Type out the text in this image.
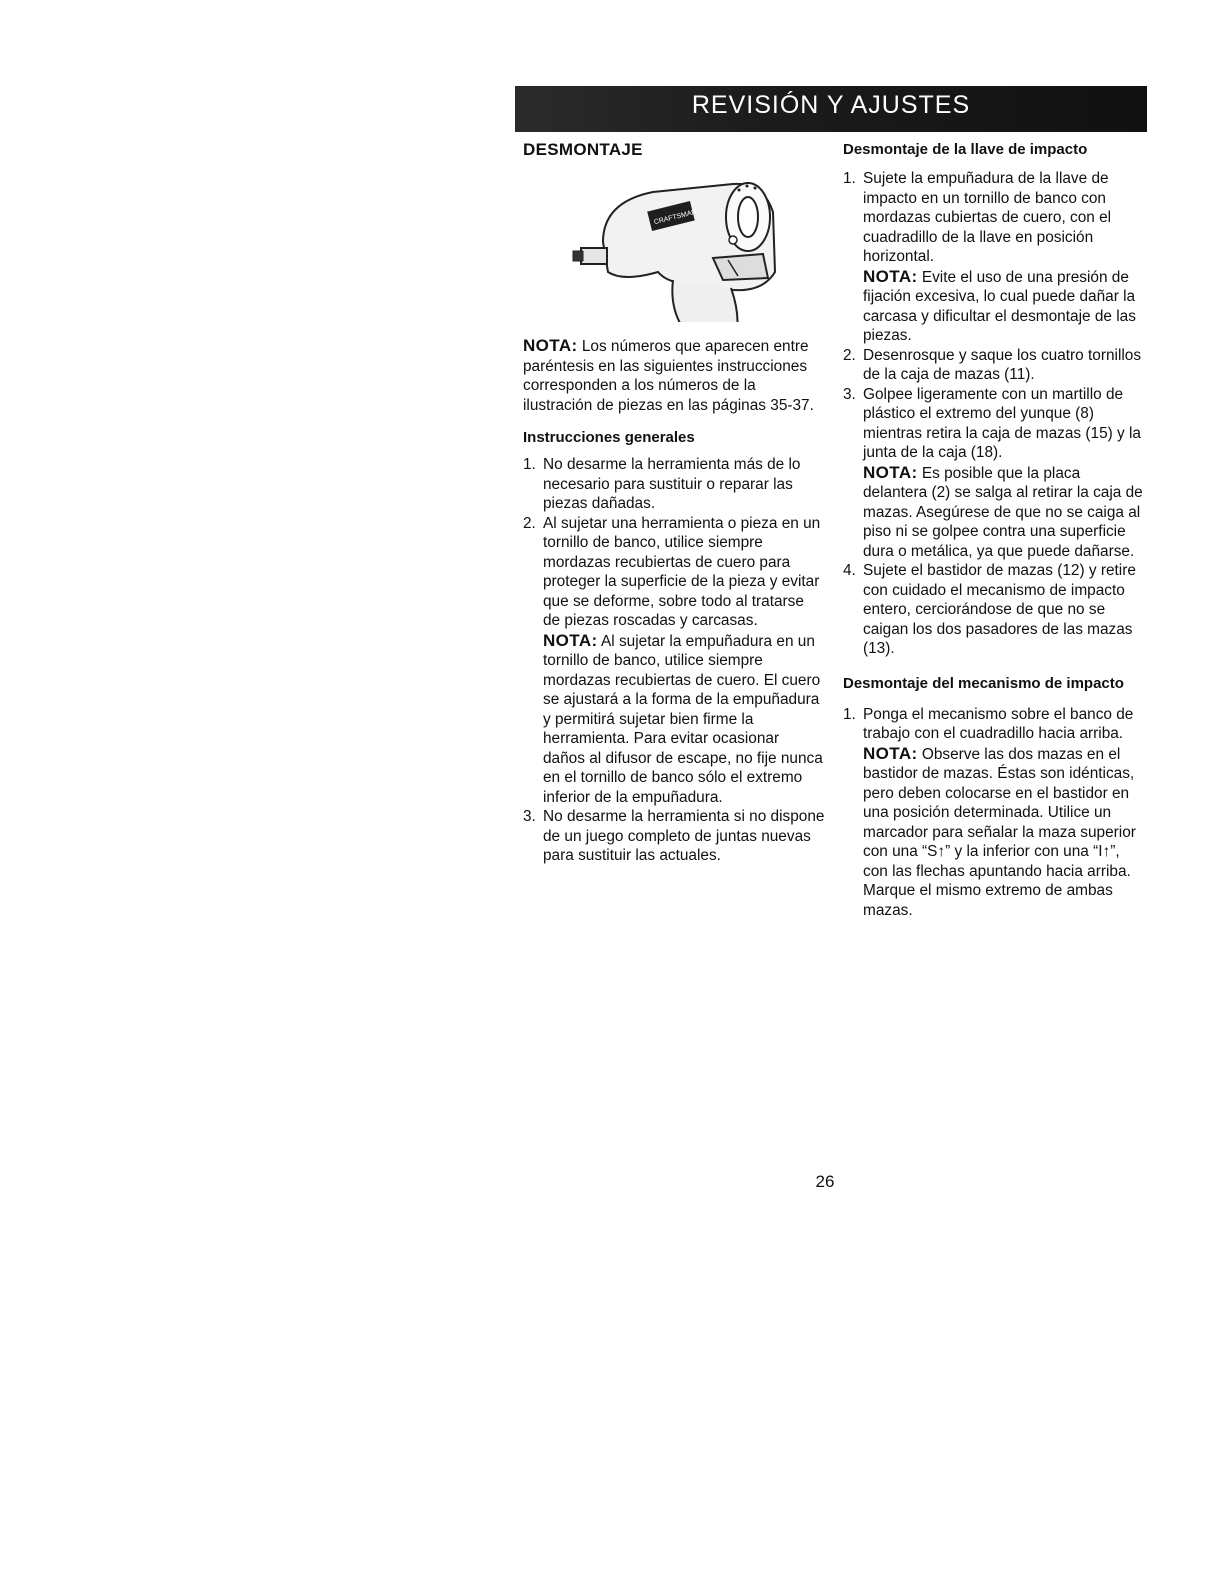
REVISIÓN Y AJUSTES
DESMONTAJE
CRAFTSMAN

NOTA: Los números que aparecen entre paréntesis en las siguientes instrucciones corresponden a los números de la ilustración de piezas en las páginas 35-37.

Instrucciones generales
1. No desarme la herramienta más de lo necesario para sustituir o reparar las piezas dañadas.
2. Al sujetar una herramienta o pieza en un tornillo de banco, utilice siempre mordazas recubiertas de cuero para proteger la superficie de la pieza y evitar que se deforme, sobre todo al tratarse de piezas roscadas y carcasas.
NOTA: Al sujetar la empuñadura en un tornillo de banco, utilice siempre mordazas recubiertas de cuero. El cuero se ajustará a la forma de la empuñadura y permitirá sujetar bien firme la herramienta. Para evitar ocasionar daños al difusor de escape, no fije nunca en el tornillo de banco sólo el extremo inferior de la empuñadura.
3. No desarme la herramienta si no dispone de un juego completo de juntas nuevas para sustituir las actuales.
Desmontaje de la llave de impacto
1. Sujete la empuñadura de la llave de impacto en un tornillo de banco con mordazas cubiertas de cuero, con el cuadradillo de la llave en posición horizontal.
NOTA: Evite el uso de una presión de fijación excesiva, lo cual puede dañar la carcasa y dificultar el desmontaje de las piezas.
2. Desenrosque y saque los cuatro tornillos de la caja de mazas (11).
3. Golpee ligeramente con un martillo de plástico el extremo del yunque (8) mientras retira la caja de mazas (15) y la junta de la caja (18).
NOTA: Es posible que la placa delantera (2) se salga al retirar la caja de mazas. Asegúrese de que no se caiga al piso ni se golpee contra una superficie dura o metálica, ya que puede dañarse.
4. Sujete el bastidor de mazas (12) y retire con cuidado el mecanismo de impacto entero, cerciorándose de que no se caigan los dos pasadores de las mazas (13).
Desmontaje del mecanismo de impacto
1. Ponga el mecanismo sobre el banco de trabajo con el cuadradillo hacia arriba.
NOTA: Observe las dos mazas en el bastidor de mazas. Éstas son idénticas, pero deben colocarse en el bastidor en una posición determinada. Utilice un marcador para señalar la maza superior con una “S↑” y la inferior con una “I↑”, con las flechas apuntando hacia arriba. Marque el mismo extremo de ambas mazas.
26
